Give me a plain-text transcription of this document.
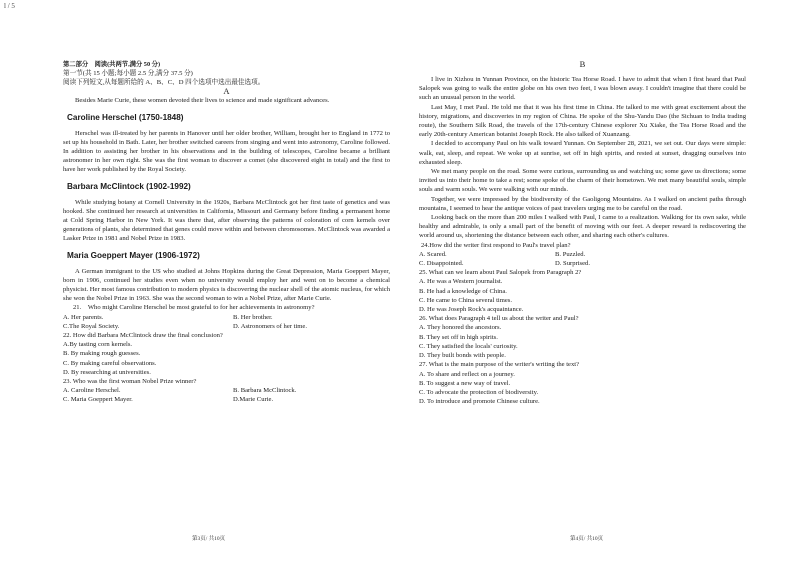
l / 5

第二部分　阅读(共两节,满分 50 分)

第一节(共 15 小题;每小题 2.5 分,满分 37.5 分)

阅读下列短文,从每题所给的 A、B、C、D 四个选项中选出最佳选项。

A

Besides Marie Curie, these women devoted their lives to science and made significant advances.

Caroline Herschel (1750-1848)

Herschel was ill-treated by her parents in Hanover until her older brother, William, brought her to England in 1772 to set up his household in Bath. Later, her brother switched careers from singing and went into astronomy, Caroline followed. In addition to assisting her brother in his observations and in the building of telescopes, Caroline became a brilliant astronomer in her own right. She was the first woman to discover a comet (she discovered eight in total) and the first to have her work published by the Royal Society.

Barbara McClintock (1902-1992)

While studying botany at Cornell University in the 1920s, Barbara McClintock got her first taste of genetics and was hooked. She continued her research at universities in California, Missouri and Germany before finding a permanent home at Cold Spring Harbor in New York. It was there that, after observing the patterns of coloration of corn kernels over generations of plants, she determined that genes could move within and between chromosomes. McClintock was awarded a Lasker Prize in 1981 and Nobel Prize in 1983.

Maria Goeppert Mayer (1906-1972)

A German immigrant to the US who studied at Johns Hopkins during the Great Depression, Maria Goeppert Mayer, born in 1906, continued her studies even when no university would employ her and went on to become a chemical physicist. Her most famous contribution to modern physics is discovering the nuclear shell of the atomic nucleus, for which she won the Nobel Prize in 1963. She was the second woman to win a Nobel Prize, after Marie Curie.

21.　Who might Caroline Herschel be most grateful to for her achievements in astronomy?

A. Her parents.	B. Her brother.
C.The Royal Society.	D. Astronomers of her time.

22. How did Barbara McClintock draw the final conclusion?

A.By tasting corn kernels.

B. By making rough guesses.

C. By making careful observations.

D. By researching at universities.

23. Who was the first woman Nobel Prize winner?

A. Caroline Herschel.	B. Barbara McClintock.
C. Maria Goeppert Mayer.	D.Marie Curie.

B

I live in Xizhou in Yunnan Province, on the historic Tea Horse Road. I have to admit that when I first heard that Paul Salopek was going to walk the entire globe on his own two feet, I was blown away. I couldn't imagine that there could be such an unusual person in the world.

Last May, I met Paul. He told me that it was his first time in China. He talked to me with great excitement about the history, migrations, and discoveries in my region of China. He spoke of the Shu-Yandu Dao (the Sichuan to India trading route), the Southern Silk Road, the travels of the 17th-century Chinese explorer Xu Xiake, the Tea Horse Road and the early 20th-century American botanist Joseph Rock. He also talked of Xuanzang.

I decided to accompany Paul on his walk toward Yunnan. On September 28, 2021, we set out. Our days were simple: walk, eat, sleep, and repeat. We woke up at sunrise, set off in high spirits, and rested at sunset, dragging ourselves into exhausted sleep.

We met many people on the road. Some were curious, surrounding us and watching us; some gave us directions; some invited us into their home to take a rest; some spoke of the charm of their hometown. We met many beautiful souls, simple souls and warm souls. We were walking with our minds.

Together, we were impressed by the biodiversity of the Gaoligong Mountains. As I walked on ancient paths through mountains, I seemed to hear the antique voices of past travelers urging me to be careful on the road.

Looking back on the more than 200 miles I walked with Paul, I came to a realization. Walking for its own sake, while healthy and admirable, is only a small part of the benefit of moving with our feet. A deeper reward is rediscovering the world around us, shortening the distance between each other, and sharing each other's cultures.

24.How did the writer first respond to Paul's travel plan?

A. Scared.	B. Puzzled.
C. Disappointed.	D. Surprised.

25. What can we learn about Paul Salopek from Paragraph 2?

A. He was a Western journalist.

B. He had a knowledge of China.

C. He came to China several times.

D. He was Joseph Rock's acquaintance.

26. What does Paragraph 4 tell us about the writer and Paul?

A. They honored the ancestors.

B. They set off in high spirits.

C. They satisfied the locals' curiosity.

D. They built bonds with people.

27. What is the main purpose of the writer's writing the text?

A. To share and reflect on a journey.

B. To suggest a new way of travel.

C. To advocate the protection of biodiversity.

D. To introduce and promote Chinese culture.

第3页/ 共10页	第4页/ 共10页
